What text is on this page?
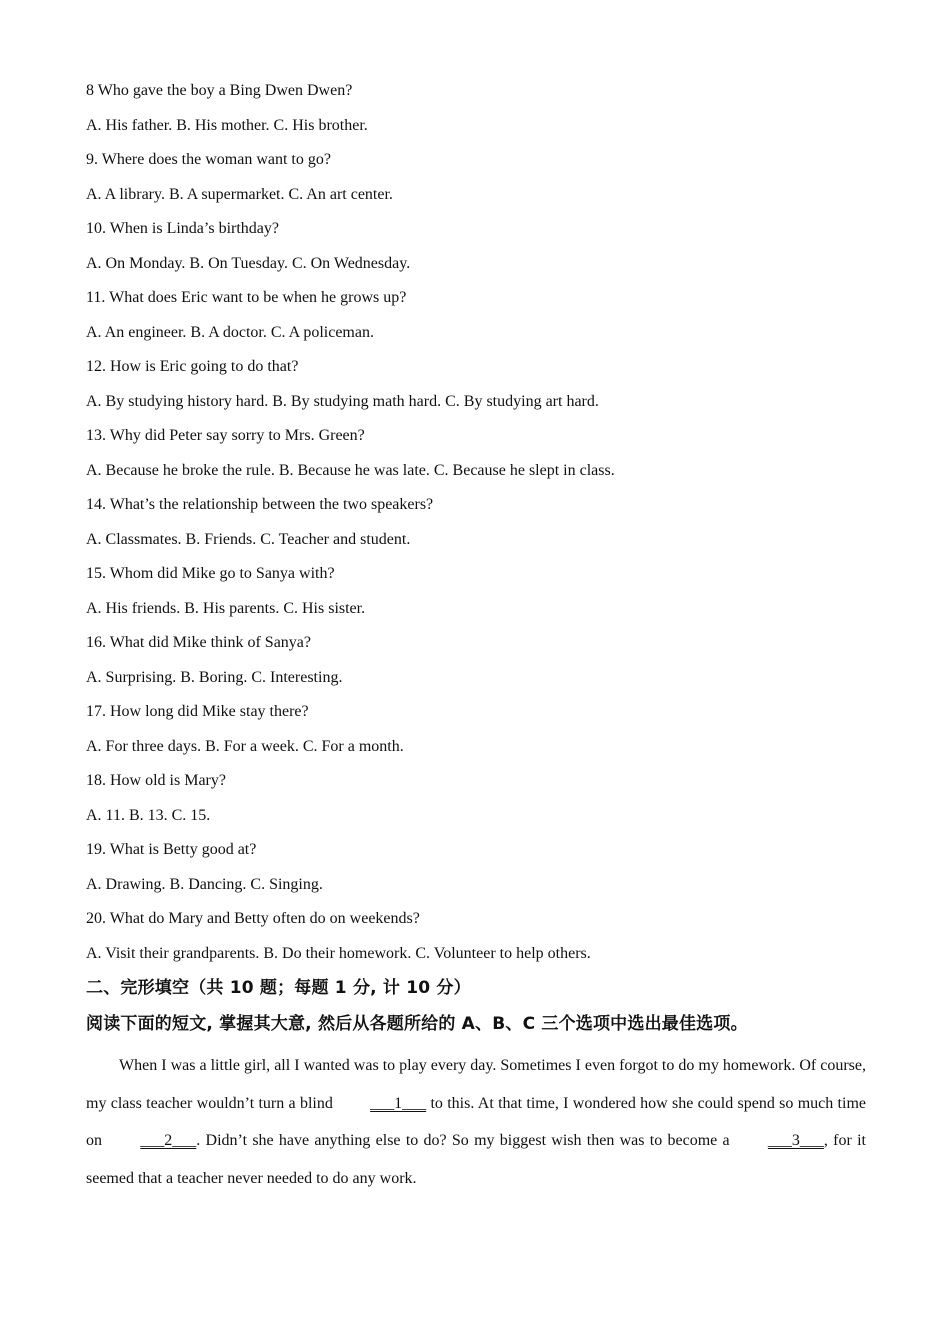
8 Who gave the boy a Bing Dwen Dwen?
A. His father. B. His mother. C. His brother.
9. Where does the woman want to go?
A. A library. B. A supermarket. C. An art center.
10. When is Linda’s birthday?
A. On Monday. B. On Tuesday. C. On Wednesday.
11. What does Eric want to be when he grows up?
A. An engineer. B. A doctor. C. A policeman.
12. How is Eric going to do that?
A. By studying history hard. B. By studying math hard. C. By studying art hard.
13. Why did Peter say sorry to Mrs. Green?
A. Because he broke the rule. B. Because he was late. C. Because he slept in class.
14. What’s the relationship between the two speakers?
A. Classmates. B. Friends. C. Teacher and student.
15. Whom did Mike go to Sanya with?
A. His friends. B. His parents. C. His sister.
16. What did Mike think of Sanya?
A. Surprising. B. Boring. C. Interesting.
17. How long did Mike stay there?
A. For three days. B. For a week. C. For a month.
18. How old is Mary?
A. 11. B. 13. C. 15.
19. What is Betty good at?
A. Drawing. B. Dancing. C. Singing.
20. What do Mary and Betty often do on weekends?
A. Visit their grandparents. B. Do their homework. C. Volunteer to help others.
二、完形填空（共 10 题；每题 1 分, 计 10 分）
阅读下面的短文, 掌握其大意, 然后从各题所给的 A、B、C 三个选项中选出最佳选项。

When I was a little girl, all I wanted was to play every day. Sometimes I even forgot to do my homework. Of course, my class teacher wouldn’t turn a blind ___1___ to this. At that time, I wondered how she could spend so much time on ___2___. Didn’t she have anything else to do? So my biggest wish then was to become a ___3___, for it seemed that a teacher never needed to do any work.
